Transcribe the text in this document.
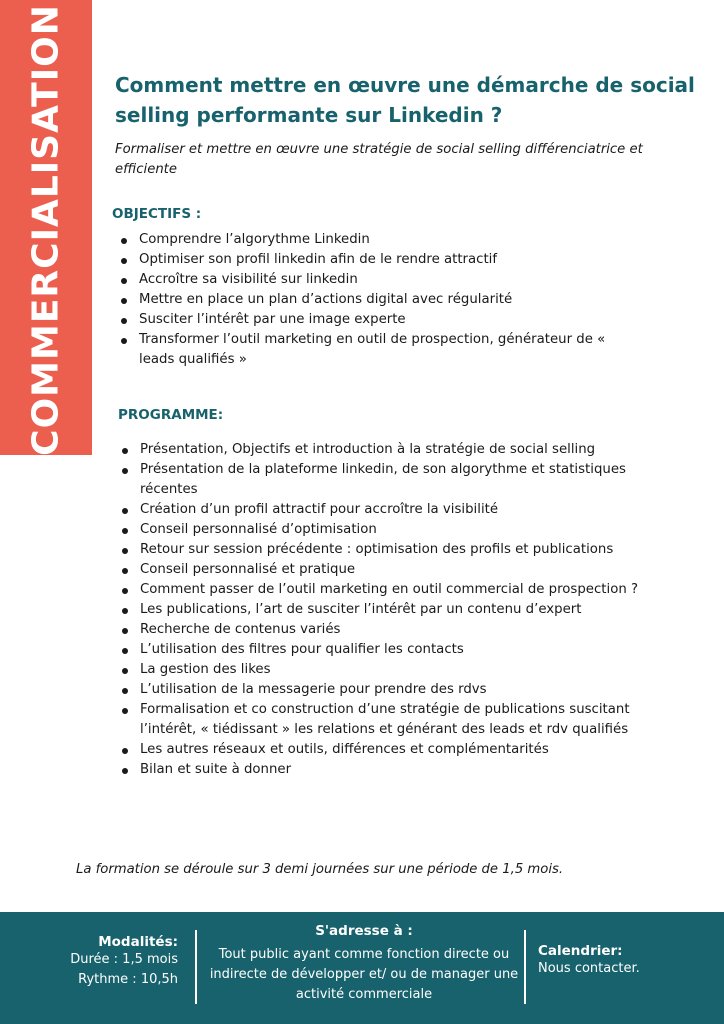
COMMERCIALISATION Comment mettre en œuvre une démarche de social selling performante sur Linkedin ?

Formaliser et mettre en œuvre une stratégie de social selling différenciatrice et efficiente

OBJECTIFS :
Comprendre l’algorythme Linkedin
Optimiser son profil linkedin afin de le rendre attractif
Accroître sa visibilité sur linkedin
Mettre en place un plan d’actions digital avec régularité
Susciter l’intérêt par une image experte
Transformer l’outil marketing en outil de prospection, générateur de « leads qualifiés »
PROGRAMME:
Présentation, Objectifs et introduction à la stratégie de social selling
Présentation de la plateforme linkedin, de son algorythme et statistiques récentes
Création d’un profil attractif pour accroître la visibilité
Conseil personnalisé d’optimisation
Retour sur session précédente : optimisation des profils et publications
Conseil personnalisé et pratique
Comment passer de l’outil marketing en outil commercial de prospection ?
Les publications, l’art de susciter l’intérêt par un contenu d’expert
Recherche de contenus variés
L’utilisation des filtres pour qualifier les contacts
La gestion des likes
L’utilisation de la messagerie pour prendre des rdvs
Formalisation et co construction d’une stratégie de publications suscitant l’intérêt, « tiédissant » les relations et générant des leads et rdv qualifiés
Les autres réseaux et outils, différences et complémentarités
Bilan et suite à donner

La formation se déroule sur 3 demi journées sur une période de 1,5 mois.

Modalités:

Durée : 1,5 mois

Rythme : 10,5h

S'adresse à :

Tout public ayant comme fonction directe ou indirecte de développer et/ ou de manager une activité commerciale

Calendrier:

Nous contacter.
